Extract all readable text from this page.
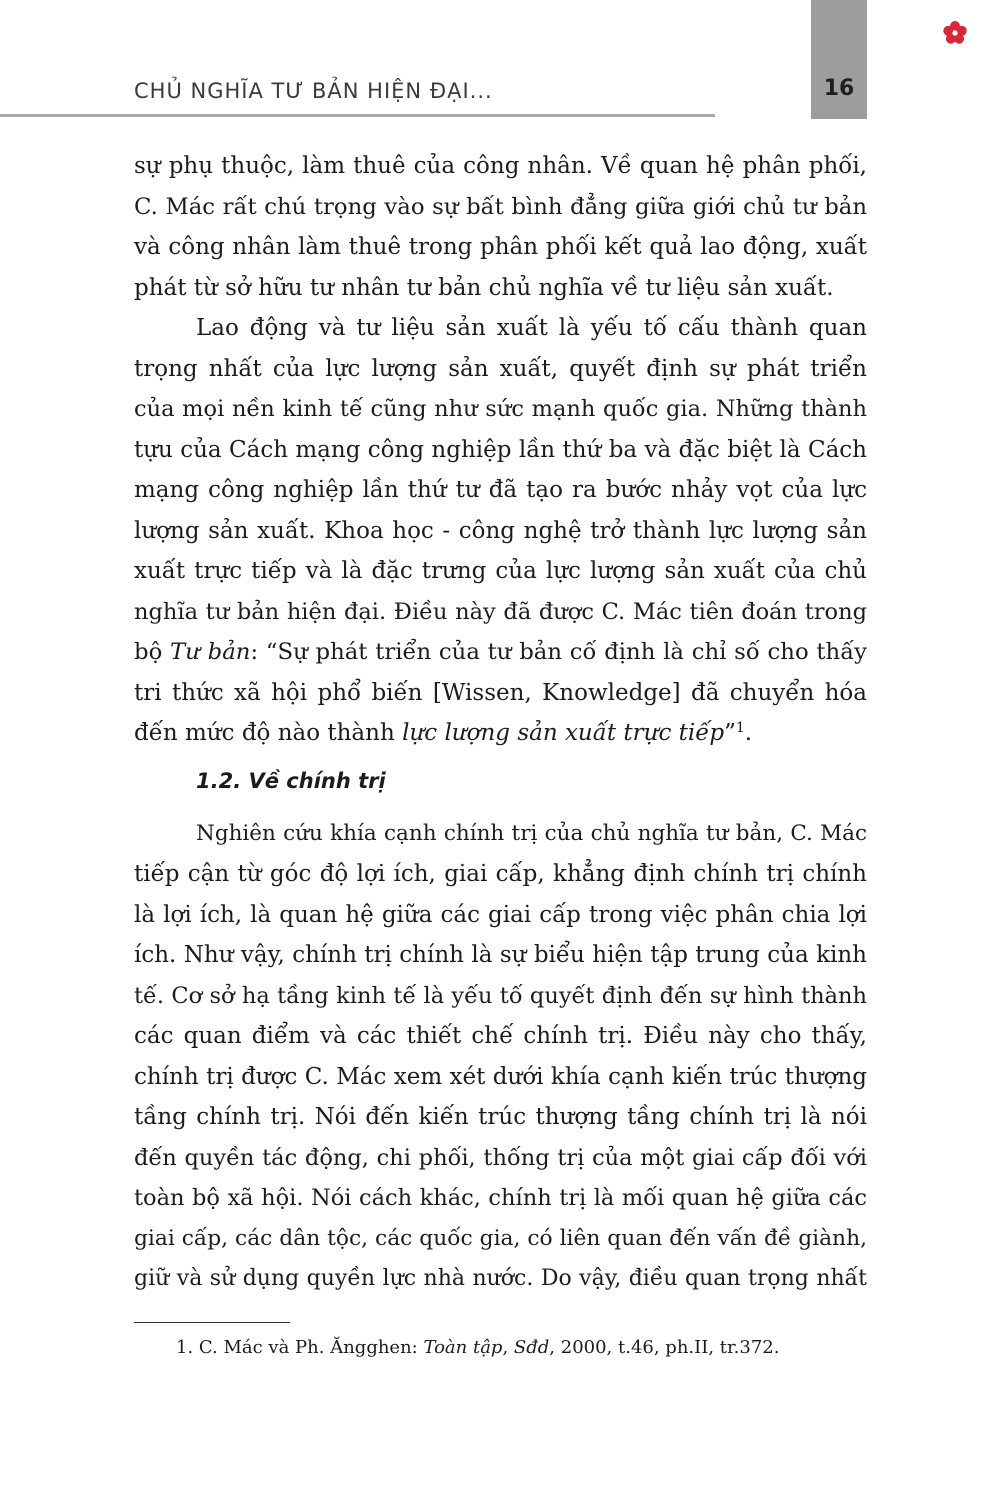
16
CHỦ NGHĨA TƯ BẢN HIỆN ĐẠI...
sự phụ thuộc, làm thuê của công nhân. Về quan hệ phân phối,
C. Mác rất chú trọng vào sự bất bình đẳng giữa giới chủ tư bản
và công nhân làm thuê trong phân phối kết quả lao động, xuất
phát từ sở hữu tư nhân tư bản chủ nghĩa về tư liệu sản xuất.
Lao động và tư liệu sản xuất là yếu tố cấu thành quan
trọng nhất của lực lượng sản xuất, quyết định sự phát triển
của mọi nền kinh tế cũng như sức mạnh quốc gia. Những thành
tựu của Cách mạng công nghiệp lần thứ ba và đặc biệt là Cách
mạng công nghiệp lần thứ tư đã tạo ra bước nhảy vọt của lực
lượng sản xuất. Khoa học - công nghệ trở thành lực lượng sản
xuất trực tiếp và là đặc trưng của lực lượng sản xuất của chủ
nghĩa tư bản hiện đại. Điều này đã được C. Mác tiên đoán trong
bộ Tư bản: “Sự phát triển của tư bản cố định là chỉ số cho thấy
tri thức xã hội phổ biến [Wissen, Knowledge] đã chuyển hóa
đến mức độ nào thành lực lượng sản xuất trực tiếp”$^1$.
1.2. Về chính trị
Nghiên cứu khía cạnh chính trị của chủ nghĩa tư bản, C. Mác
tiếp cận từ góc độ lợi ích, giai cấp, khẳng định chính trị chính
là lợi ích, là quan hệ giữa các giai cấp trong việc phân chia lợi
ích. Như vậy, chính trị chính là sự biểu hiện tập trung của kinh
tế. Cơ sở hạ tầng kinh tế là yếu tố quyết định đến sự hình thành
các quan điểm và các thiết chế chính trị. Điều này cho thấy,
chính trị được C. Mác xem xét dưới khía cạnh kiến trúc thượng
tầng chính trị. Nói đến kiến trúc thượng tầng chính trị là nói
đến quyền tác động, chi phối, thống trị của một giai cấp đối với
toàn bộ xã hội. Nói cách khác, chính trị là mối quan hệ giữa các
giai cấp, các dân tộc, các quốc gia, có liên quan đến vấn đề giành,
giữ và sử dụng quyền lực nhà nước. Do vậy, điều quan trọng nhất
1. C. Mác và Ph. Ăngghen: Toàn tập, Sđd, 2000, t.46, ph.II, tr.372.
